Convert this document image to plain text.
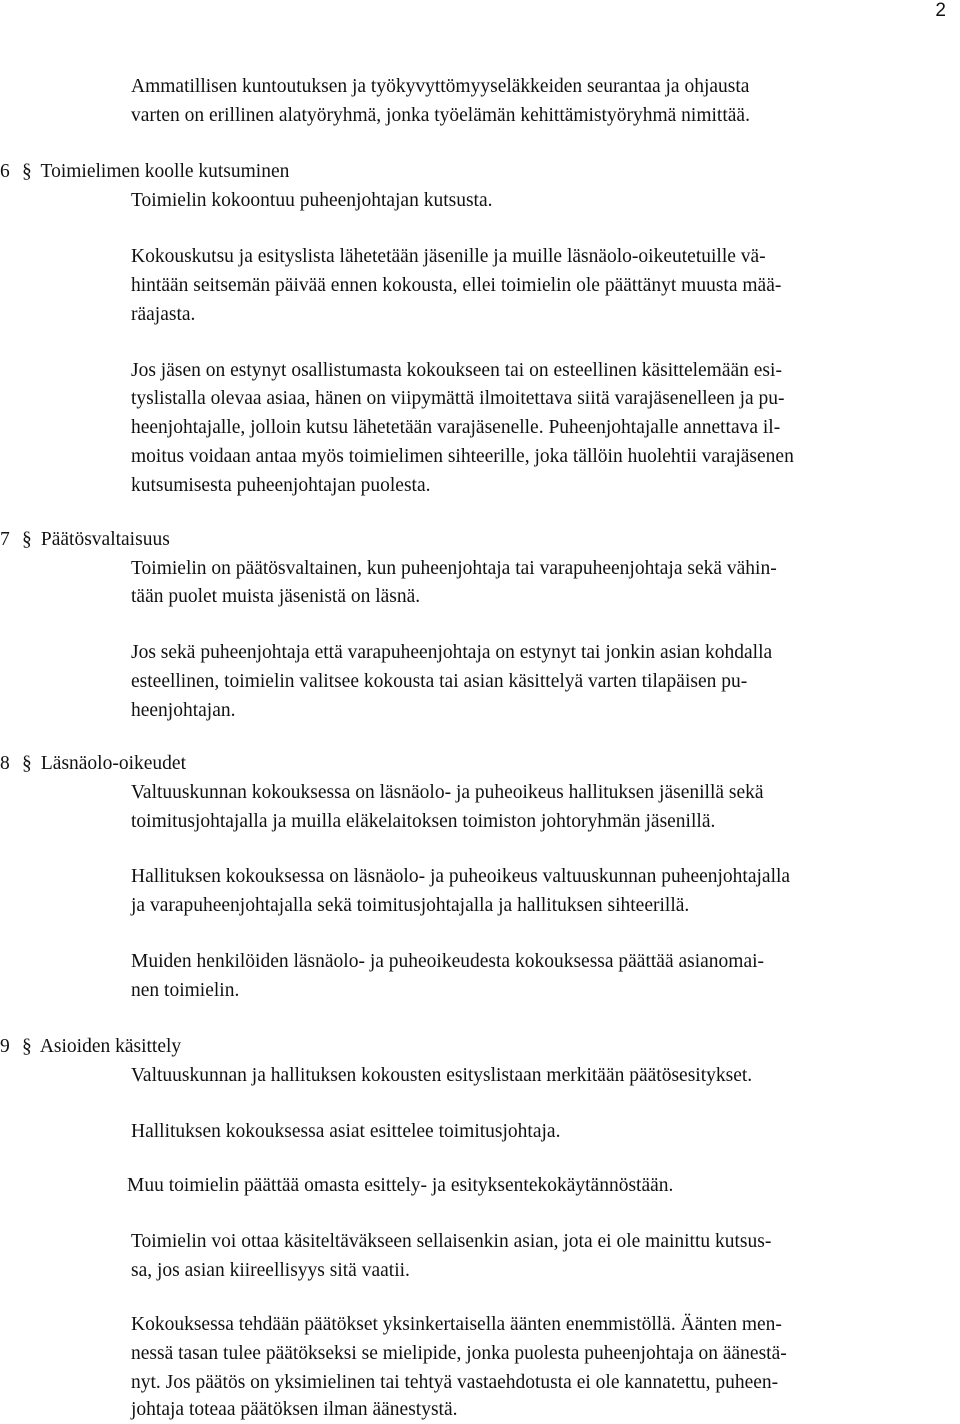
2
Ammatillisen kuntoutuksen ja työkyvyttömyyseläkkeiden seurantaa ja ohjausta
varten on erillinen alatyöryhmä, jonka työelämän kehittämistyöryhmä nimittää.
6 § Toimielimen koolle kutsuminen
Toimielin kokoontuu puheenjohtajan kutsusta.
Kokouskutsu ja esityslista lähetetään jäsenille ja muille läsnäolo-oikeutetuille vä-
hintään seitsemän päivää ennen kokousta, ellei toimielin ole päättänyt muusta mää-
räajasta.
Jos jäsen on estynyt osallistumasta kokoukseen tai on esteellinen käsittelemään esi-
tyslistalla olevaa asiaa, hänen on viipymättä ilmoitettava siitä varajäsenelleen ja pu-
heenjohtajalle, jolloin kutsu lähetetään varajäsenelle. Puheenjohtajalle annettava il-
moitus voidaan antaa myös toimielimen sihteerille, joka tällöin huolehtii varajäsenen
kutsumisesta puheenjohtajan puolesta.
7 § Päätösvaltaisuus
Toimielin on päätösvaltainen, kun puheenjohtaja tai varapuheenjohtaja sekä vähin-
tään puolet muista jäsenistä on läsnä.
Jos sekä puheenjohtaja että varapuheenjohtaja on estynyt tai jonkin asian kohdalla
esteellinen, toimielin valitsee kokousta tai asian käsittelyä varten tilapäisen pu-
heenjohtajan.
8 § Läsnäolo-oikeudet
Valtuuskunnan kokouksessa on läsnäolo- ja puheoikeus hallituksen jäsenillä sekä
toimitusjohtajalla ja muilla eläkelaitoksen toimiston johtoryhmän jäsenillä.
Hallituksen kokouksessa on läsnäolo- ja puheoikeus valtuuskunnan puheenjohtajalla
ja varapuheenjohtajalla sekä toimitusjohtajalla ja hallituksen sihteerillä.
Muiden henkilöiden läsnäolo- ja puheoikeudesta kokouksessa päättää asianomai-
nen toimielin.
9 § Asioiden käsittely
Valtuuskunnan ja hallituksen kokousten esityslistaan merkitään päätösesitykset.
Hallituksen kokouksessa asiat esittelee toimitusjohtaja.
Muu toimielin päättää omasta esittely- ja esityksentekokäytännöstään.
Toimielin voi ottaa käsiteltäväkseen sellaisenkin asian, jota ei ole mainittu kutsus-
sa, jos asian kiireellisyys sitä vaatii.
Kokouksessa tehdään päätökset yksinkertaisella äänten enemmistöllä. Äänten men-
nessä tasan tulee päätökseksi se mielipide, jonka puolesta puheenjohtaja on äänestä-
nyt. Jos päätös on yksimielinen tai tehtyä vastaehdotusta ei ole kannatettu, puheen-
johtaja toteaa päätöksen ilman äänestystä.
